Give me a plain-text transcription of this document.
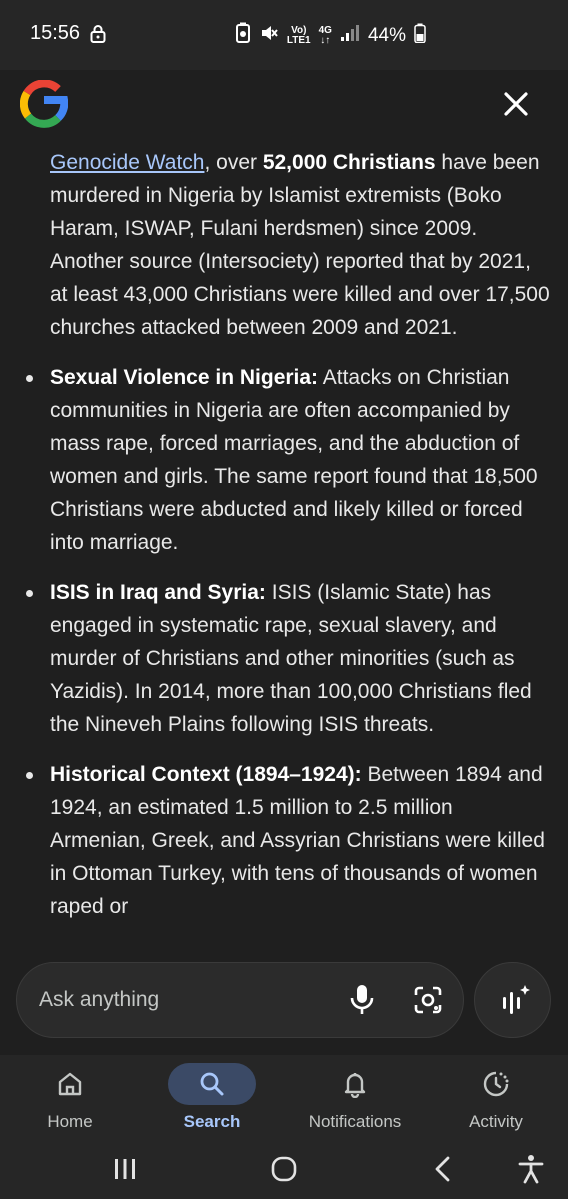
15:56	Vo)
LTE1
4G
↓↑ 44%

Genocide Watch, over 52,000 Christians have been murdered in Nigeria by Islamist extremists (Boko Haram, ISWAP, Fulani herdsmen) since 2009. Another source (Intersociety) reported that by 2021, at least 43,000 Christians were killed and over 17,500 churches attacked between 2009 and 2021.

Sexual Violence in Nigeria: Attacks on Christian communities in Nigeria are often accompanied by mass rape, forced marriages, and the abduction of women and girls. The same report found that 18,500 Christians were abducted and likely killed or forced into marriage.
ISIS in Iraq and Syria: ISIS (Islamic State) has engaged in systematic rape, sexual slavery, and murder of Christians and other minorities (such as Yazidis). In 2014, more than 100,000 Christians fled the Nineveh Plains following ISIS threats.
Historical Context (1894–1924): Between 1894 and 1924, an estimated 1.5 million to 2.5 million Armenian, Greek, and Assyrian Christians were killed in Ottoman Turkey, with tens of thousands of women raped or
Ask anything
Home	Search	Notifications	Activity
